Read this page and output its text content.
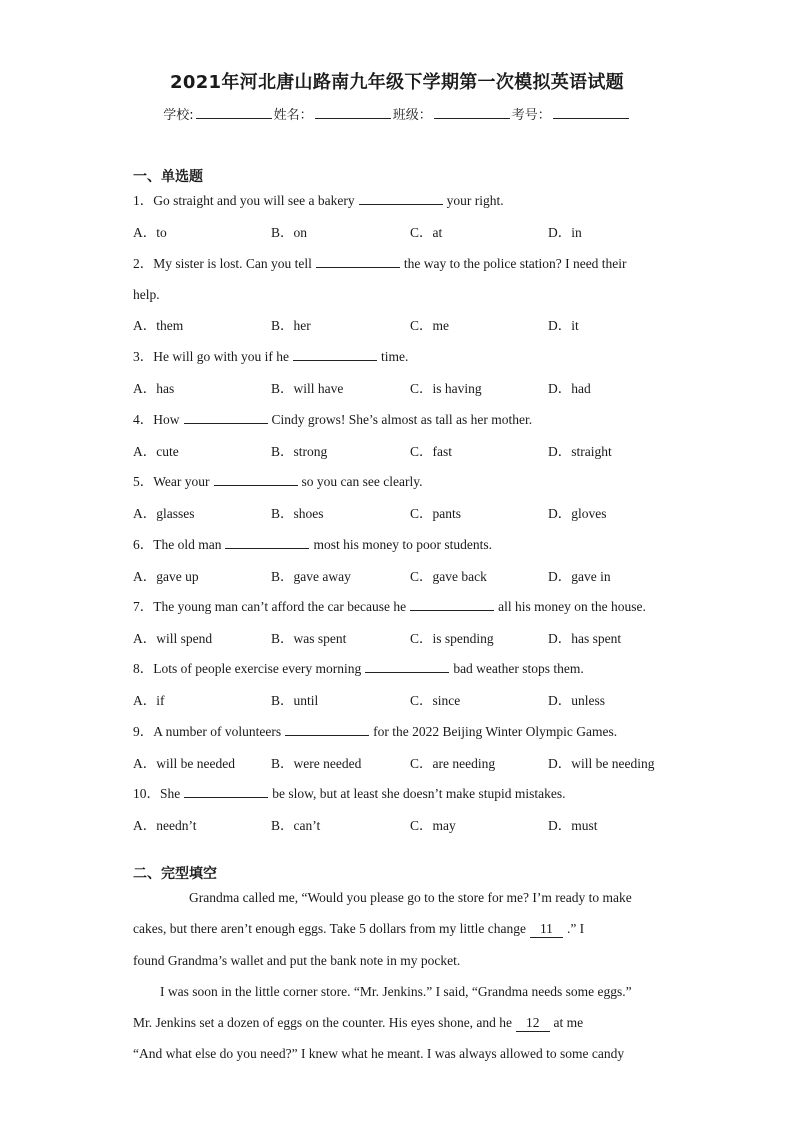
2021年河北唐山路南九年级下学期第一次模拟英语试题
学校:	姓名：	班级：	考号：
一、单选题
1．Go straight and you will see a bakery	your right.
A．to	B．on	C．at	D．in
2．My sister is lost. Can you tell	the way to the police station? I need their
help.
A．them	B．her	C．me	D．it
3．He will go with you if he	time.
A．has	B．will have	C．is having	D．had
4．How	Cindy grows! She’s almost as tall as her mother.
A．cute	B．strong	C．fast	D．straight
5．Wear your	so you can see clearly.
A．glasses	B．shoes	C．pants	D．gloves
6．The old man	most his money to poor students.
A．gave up	B．gave away	C．gave back	D．gave in
7．The young man can’t afford the car because he	all his money on the house.
A．will spend	B．was spent	C．is spending	D．has spent
8．Lots of people exercise every morning	bad weather stops them.
A．if	B．until	C．since	D．unless
9．A number of volunteers	for the 2022 Beijing Winter Olympic Games.
A．will be needed	B．were needed	C．are needing	D．will be needing
10．She	be slow, but at least she doesn’t make stupid mistakes.
A．needn’t	B．can’t	C．may	D．must
二、完型填空
Grandma called me, “Would you please go to the store for me? I’m ready to make
cakes, but there aren’t enough eggs. Take 5 dollars from my little change 11 .” I
found Grandma’s wallet and put the bank note in my pocket.
I was soon in the little corner store. “Mr. Jenkins.” I said, “Grandma needs some eggs.”
Mr. Jenkins set a dozen of eggs on the counter. His eyes shone, and he 12 at me
“And what else do you need?” I knew what he meant. I was always allowed to some candy
